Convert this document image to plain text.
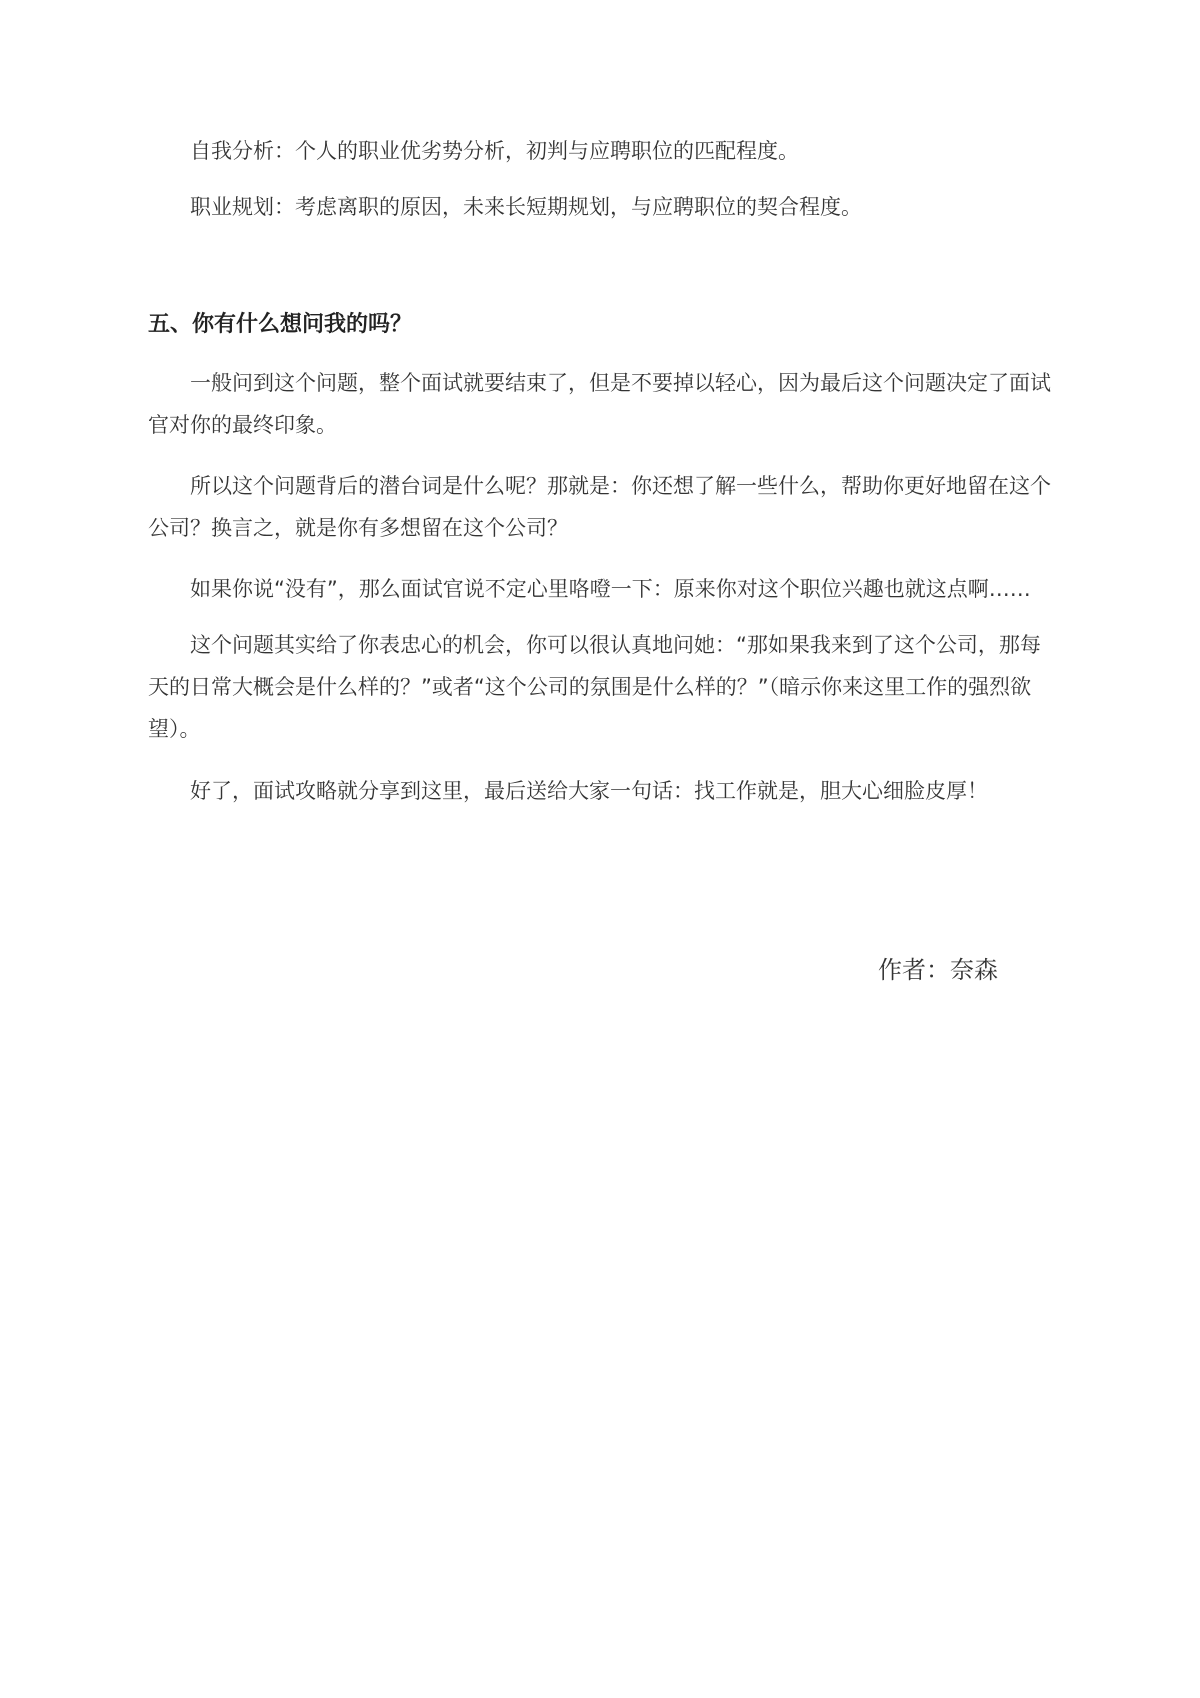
自我分析：个人的职业优劣势分析，初判与应聘职位的匹配程度。

职业规划：考虑离职的原因，未来长短期规划，与应聘职位的契合程度。

五、你有什么想问我的吗？

一般问到这个问题，整个面试就要结束了，但是不要掉以轻心，因为最后这个问题决定了面试官对你的最终印象。

所以这个问题背后的潜台词是什么呢？那就是：你还想了解一些什么，帮助你更好地留在这个公司？换言之，就是你有多想留在这个公司？

如果你说“没有”，那么面试官说不定心里咯噔一下：原来你对这个职位兴趣也就这点啊……

这个问题其实给了你表忠心的机会，你可以很认真地问她：“那如果我来到了这个公司，那每天的日常大概会是什么样的？”或者“这个公司的氛围是什么样的？”（暗示你来这里工作的强烈欲望）。

好了，面试攻略就分享到这里，最后送给大家一句话：找工作就是，胆大心细脸皮厚！

作者：奈森
